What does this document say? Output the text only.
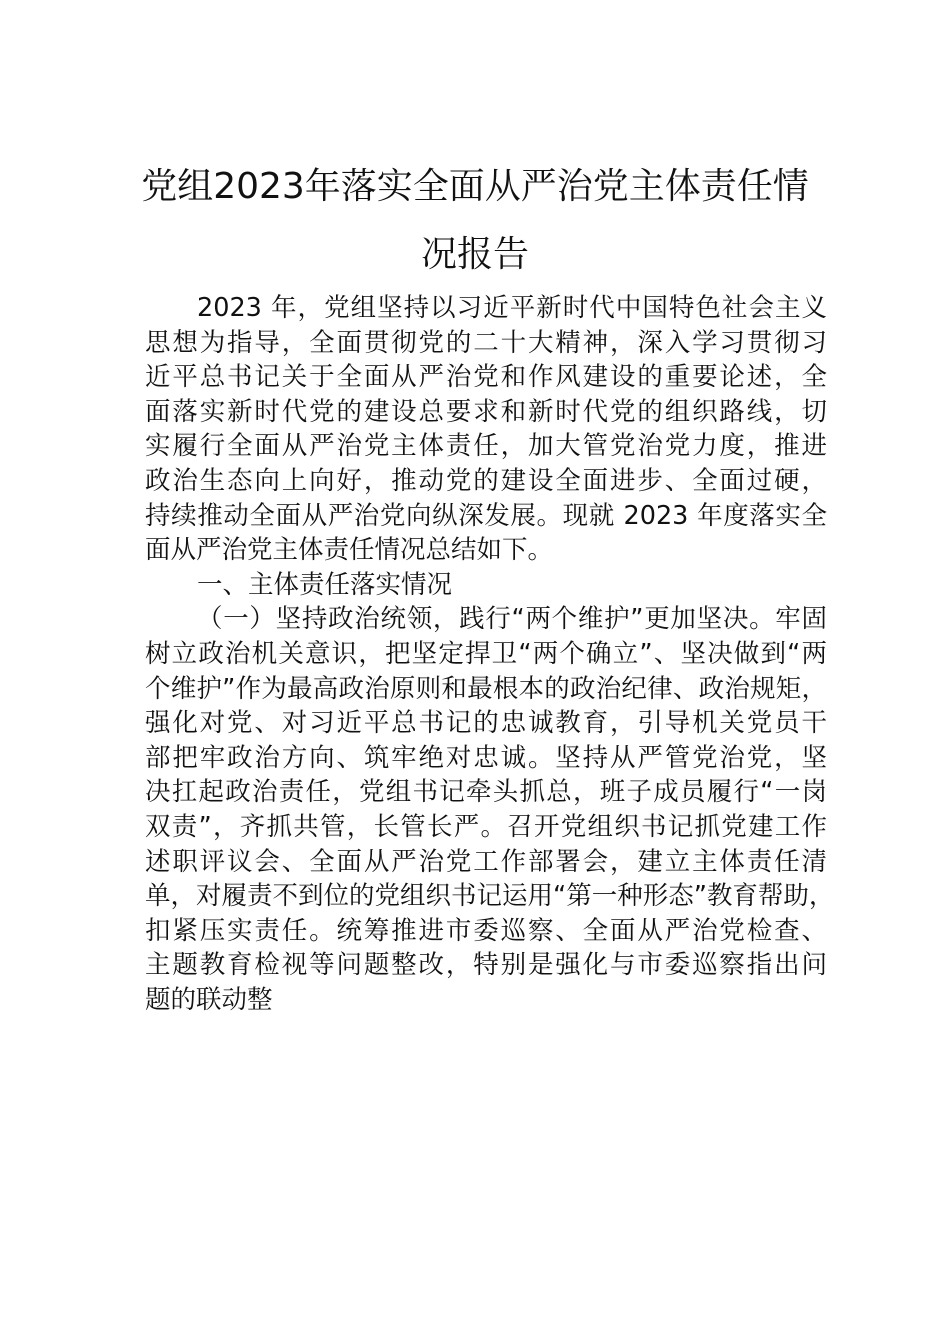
党组2023年落实全面从严治党主体责任情
况报告
2023 年，党组坚持以习近平新时代中国特色社会主义
思想为指导，全面贯彻党的二十大精神，深入学习贯彻习
近平总书记关于全面从严治党和作风建设的重要论述，全
面落实新时代党的建设总要求和新时代党的组织路线，切
实履行全面从严治党主体责任，加大管党治党力度，推进
政治生态向上向好，推动党的建设全面进步、全面过硬，
持续推动全面从严治党向纵深发展。现就 2023 年度落实全
面从严治党主体责任情况总结如下。
一、主体责任落实情况
（一）坚持政治统领，践行“两个维护”更加坚决。牢固
树立政治机关意识，把坚定捍卫“两个确立”、坚决做到“两
个维护”作为最高政治原则和最根本的政治纪律、政治规矩，
强化对党、对习近平总书记的忠诚教育，引导机关党员干
部把牢政治方向、筑牢绝对忠诚。坚持从严管党治党，坚
决扛起政治责任，党组书记牵头抓总，班子成员履行“一岗
双责”，齐抓共管，长管长严。召开党组织书记抓党建工作
述职评议会、全面从严治党工作部署会，建立主体责任清
单，对履责不到位的党组织书记运用“第一种形态”教育帮助，
扣紧压实责任。统筹推进市委巡察、全面从严治党检查、
主题教育检视等问题整改，特别是强化与市委巡察指出问
题的联动整
